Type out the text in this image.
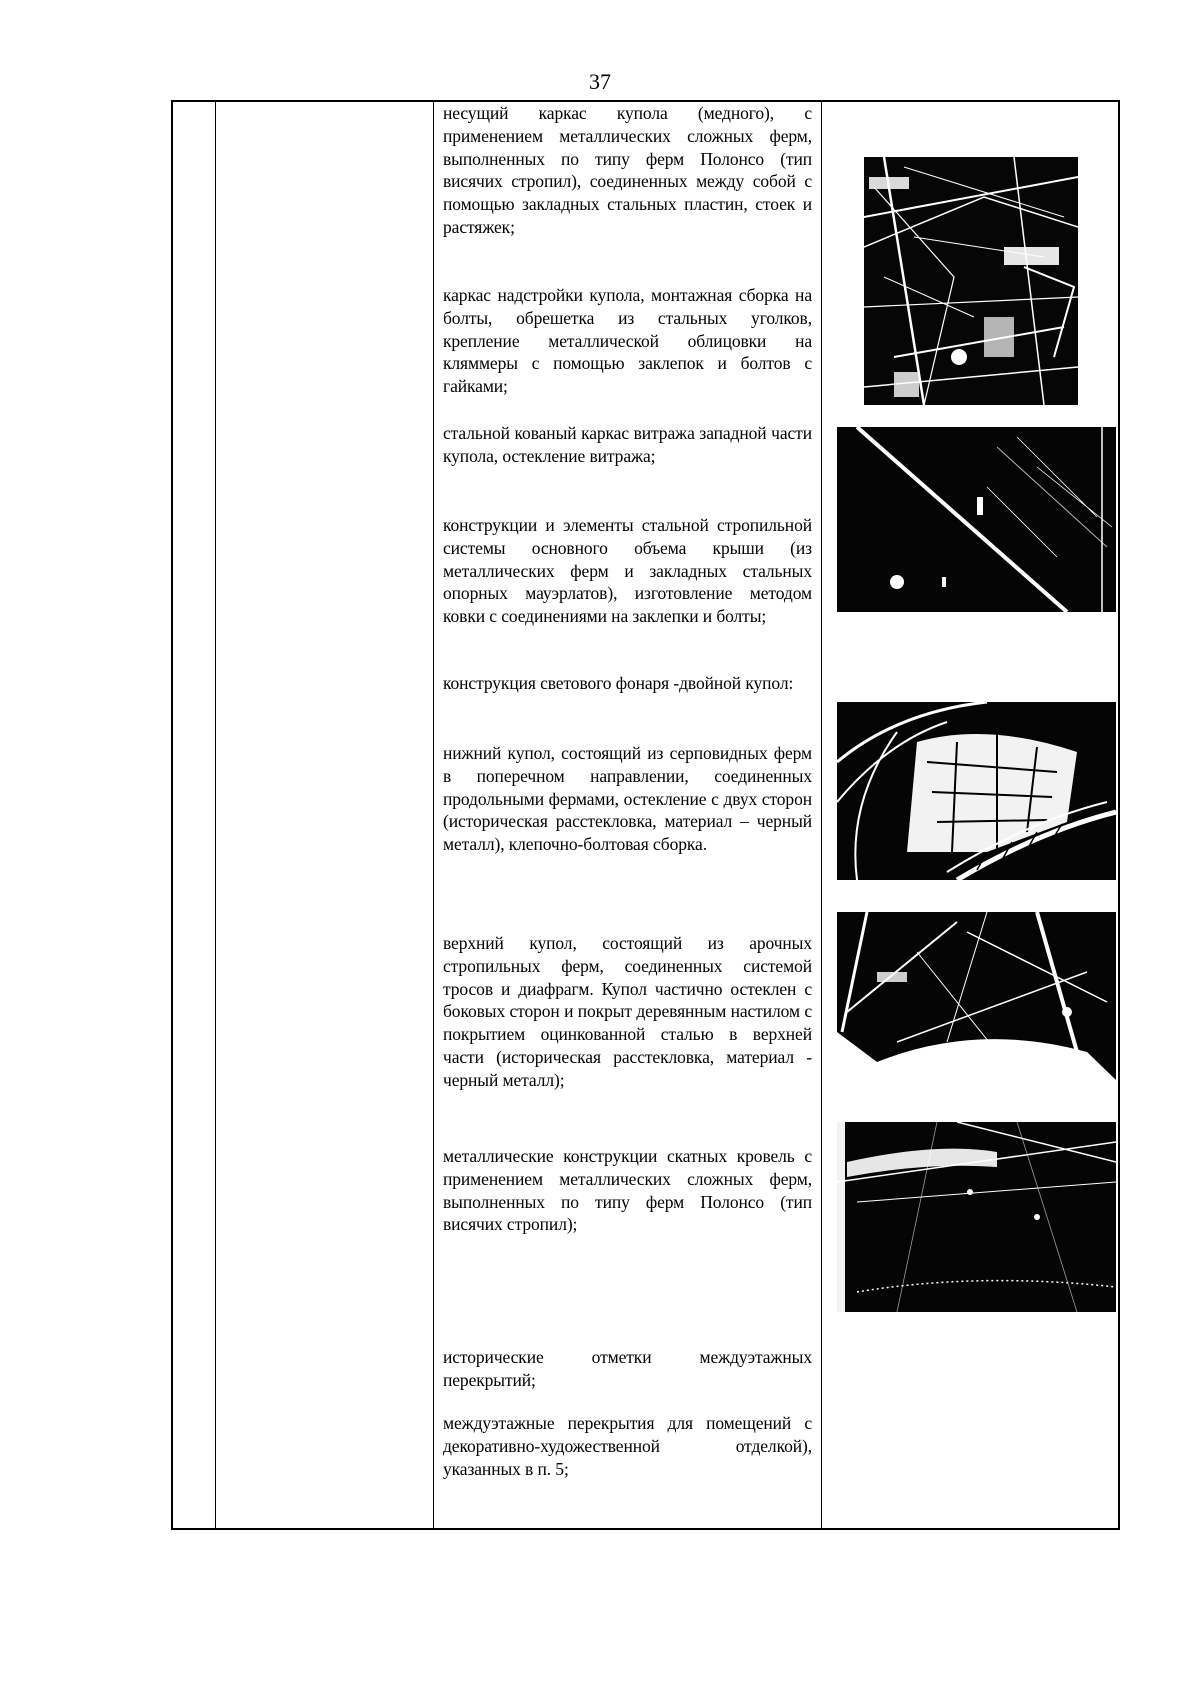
37

несущий каркас купола (медного), с применением металлических сложных ферм, выполненных по типу ферм Полонсо (тип висячих стропил), соединенных между собой с помощью закладных стальных пластин, стоек и растяжек;

каркас надстройки купола, монтажная сборка на болты, обрешетка из стальных уголков, крепление металлической облицовки на кляммеры с помощью заклепок и болтов с гайками;

стальной кованый каркас витража западной части купола, остекление витража;

конструкции и элементы стальной стропильной системы основного объема крыши (из металлических ферм и закладных стальных опорных мауэрлатов), изготовление методом ковки с соединениями на заклепки и болты;

конструкция светового фонаря -двойной купол:

нижний купол, состоящий из серповидных ферм в поперечном направлении, соединенных продольными фермами, остекление с двух сторон (историческая расстекловка, материал – черный металл), клепочно-болтовая сборка.

верхний купол, состоящий из арочных стропильных ферм, соединенных системой тросов и диафрагм. Купол частично остеклен с боковых сторон и покрыт деревянным настилом с покрытием оцинкованной сталью в верхней части (историческая расстекловка, материал - черный металл);

металлические конструкции скатных кровель с применением металлических сложных ферм, выполненных по типу ферм Полонсо (тип висячих стропил);

исторические отметки междуэтажных перекрытий;

междуэтажные перекрытия для помещений с декоративно-художественной отделкой), указанных в п. 5;
